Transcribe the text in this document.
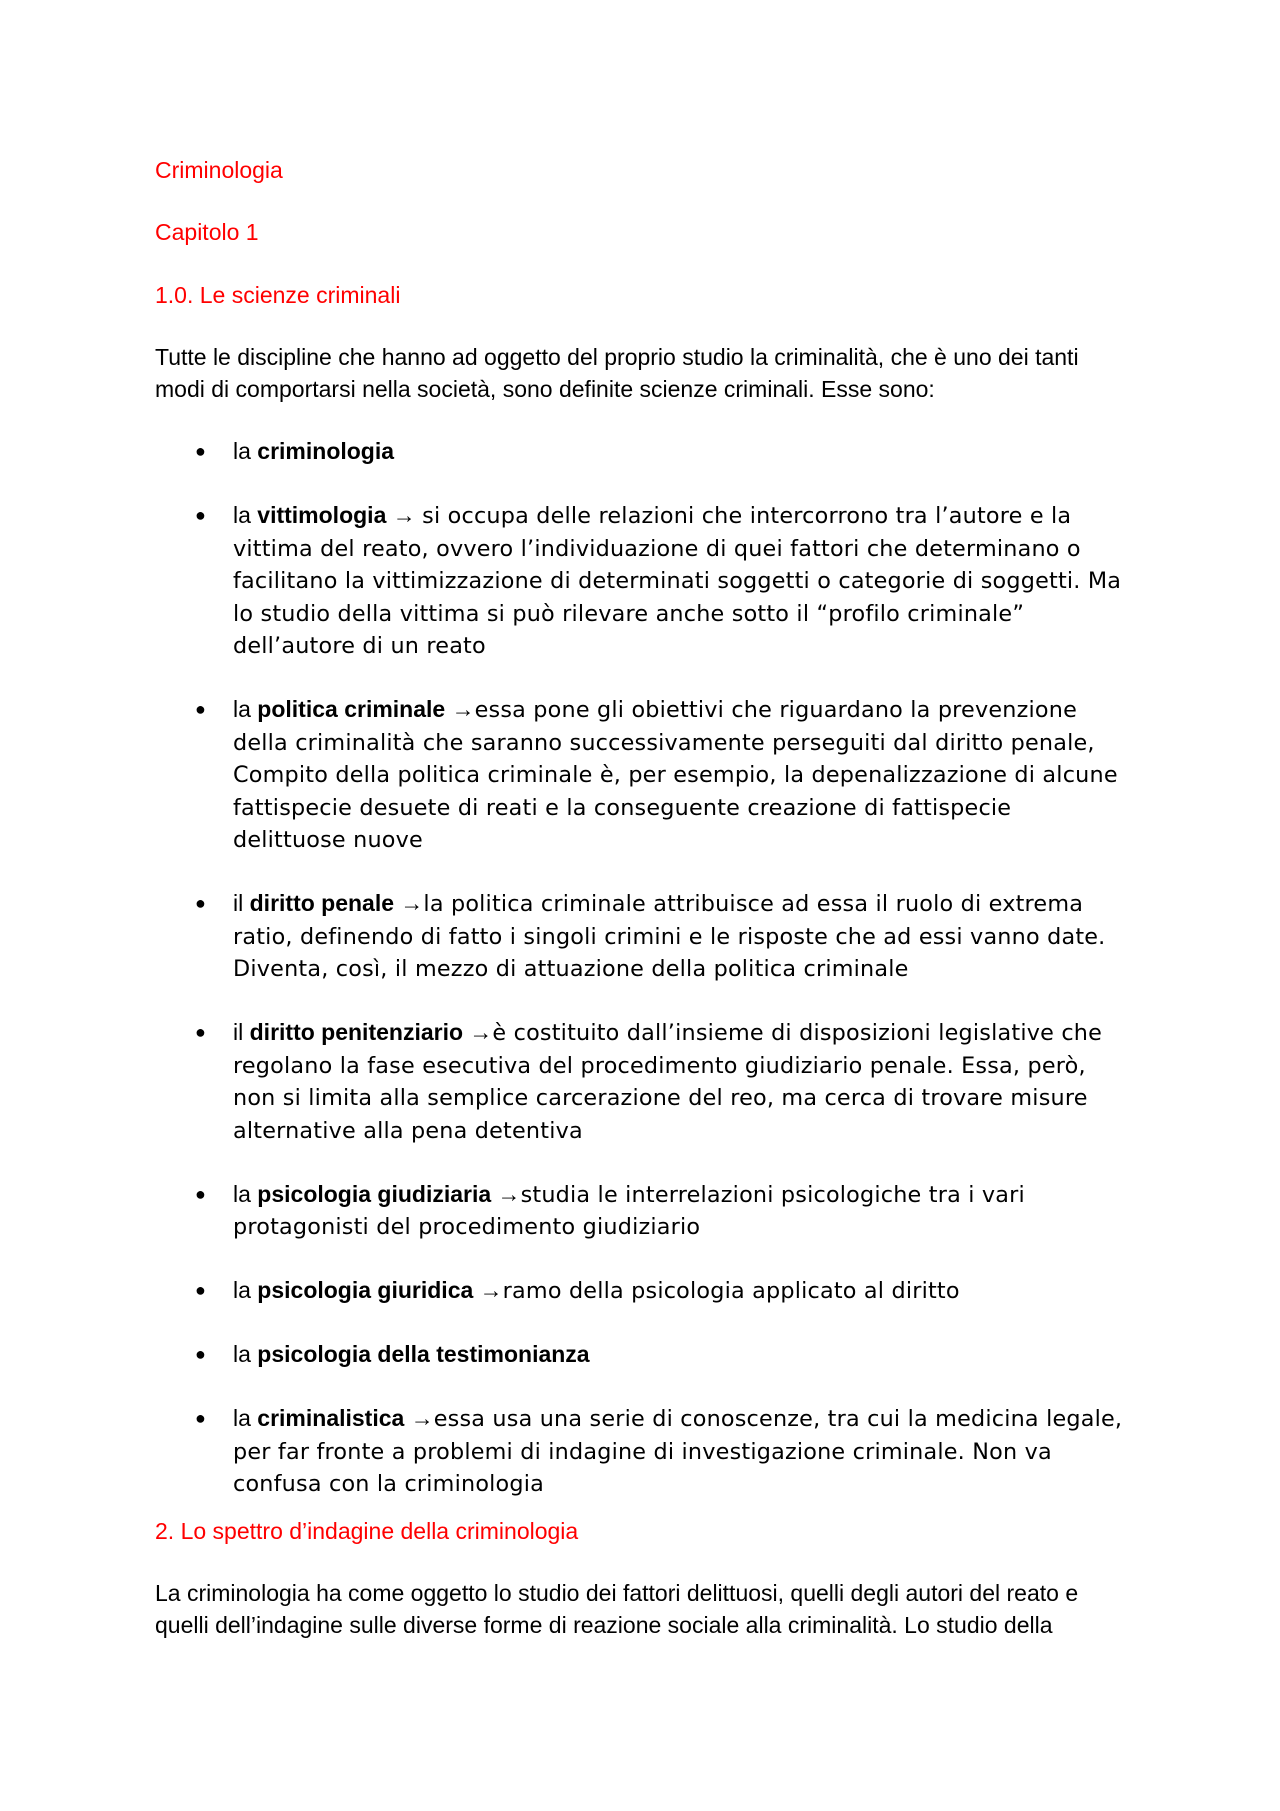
Criminologia

Capitolo 1

1.0. Le scienze criminali

Tutte le discipline che hanno ad oggetto del proprio studio la criminalità, che è uno dei tanti modi di comportarsi nella società, sono definite scienze criminali. Esse sono:

● la criminologia
● la vittimologia → si occupa delle relazioni che intercorrono tra l’autore e la vittima del reato, ovvero l’individuazione di quei fattori che determinano o facilitano la vittimizzazione di determinati soggetti o categorie di soggetti. Ma lo studio della vittima si può rilevare anche sotto il “profilo criminale” dell’autore di un reato
● la politica criminale →essa pone gli obiettivi che riguardano la prevenzione della criminalità che saranno successivamente perseguiti dal diritto penale, Compito della politica criminale è, per esempio, la depenalizzazione di alcune fattispecie desuete di reati e la conseguente creazione di fattispecie delittuose nuove
● il diritto penale →la politica criminale attribuisce ad essa il ruolo di extrema ratio, definendo di fatto i singoli crimini e le risposte che ad essi vanno date. Diventa, così, il mezzo di attuazione della politica criminale
● il diritto penitenziario →è costituito dall’insieme di disposizioni legislative che regolano la fase esecutiva del procedimento giudiziario penale. Essa, però, non si limita alla semplice carcerazione del reo, ma cerca di trovare misure alternative alla pena detentiva
● la psicologia giudiziaria →studia le interrelazioni psicologiche tra i vari protagonisti del procedimento giudiziario
● la psicologia giuridica →ramo della psicologia applicato al diritto
● la psicologia della testimonianza
● la criminalistica →essa usa una serie di conoscenze, tra cui la medicina legale, per far fronte a problemi di indagine di investigazione criminale. Non va confusa con la criminologia

2. Lo spettro d’indagine della criminologia

La criminologia ha come oggetto lo studio dei fattori delittuosi, quelli degli autori del reato e quelli dell’indagine sulle diverse forme di reazione sociale alla criminalità. Lo studio della
